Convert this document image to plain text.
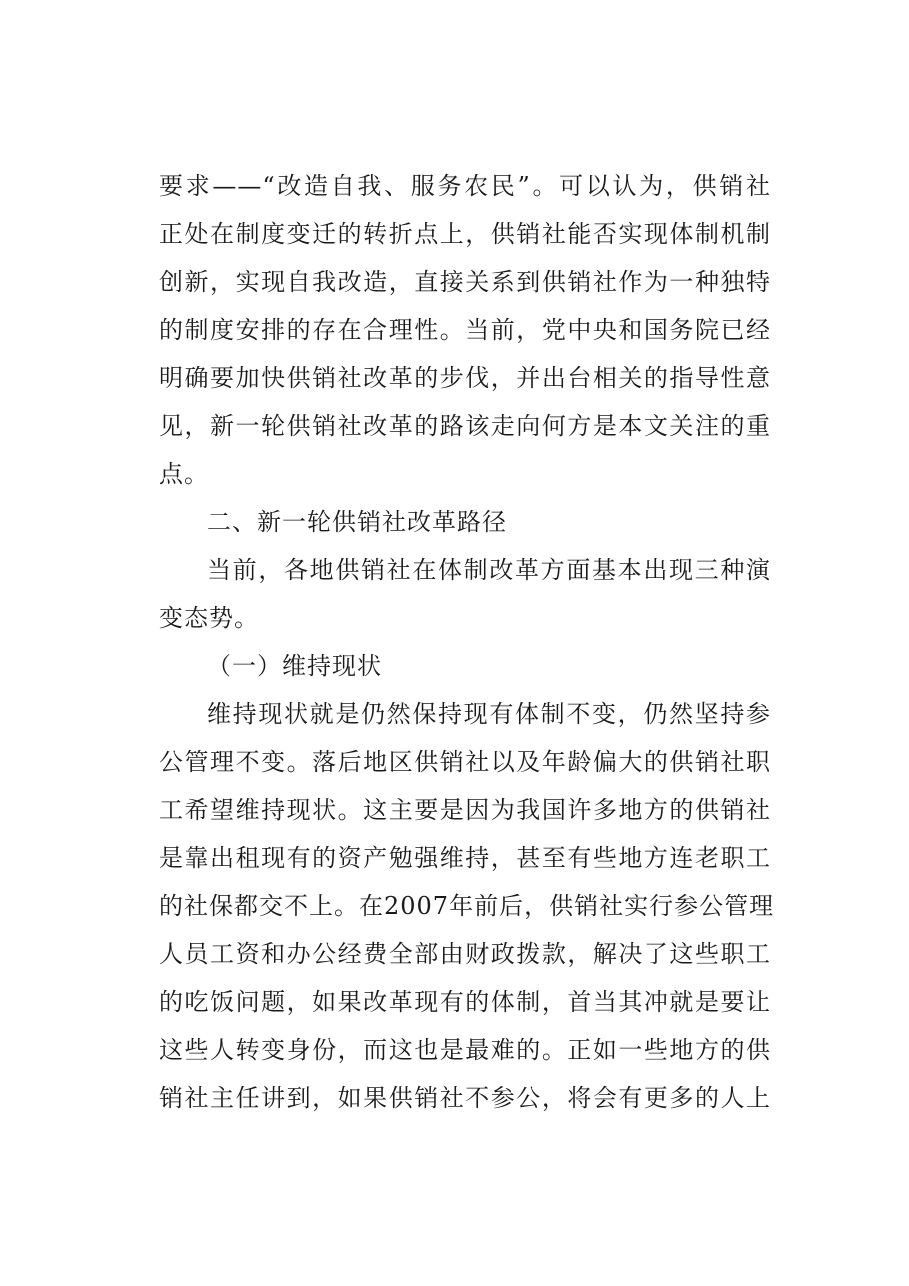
要求——“改造自我、服务农民”。可以认为，供销社
正处在制度变迁的转折点上，供销社能否实现体制机制
创新，实现自我改造，直接关系到供销社作为一种独特
的制度安排的存在合理性。当前，党中央和国务院已经
明确要加快供销社改革的步伐，并出台相关的指导性意
见，新一轮供销社改革的路该走向何方是本文关注的重
点。
二、新一轮供销社改革路径
当前，各地供销社在体制改革方面基本出现三种演
变态势。
（一）维持现状
维持现状就是仍然保持现有体制不变，仍然坚持参
公管理不变。落后地区供销社以及年龄偏大的供销社职
工希望维持现状。这主要是因为我国许多地方的供销社
是靠出租现有的资产勉强维持，甚至有些地方连老职工
的社保都交不上。在2007年前后，供销社实行参公管理
人员工资和办公经费全部由财政拨款，解决了这些职工
的吃饭问题，如果改革现有的体制，首当其冲就是要让
这些人转变身份，而这也是最难的。正如一些地方的供
销社主任讲到，如果供销社不参公，将会有更多的人上
